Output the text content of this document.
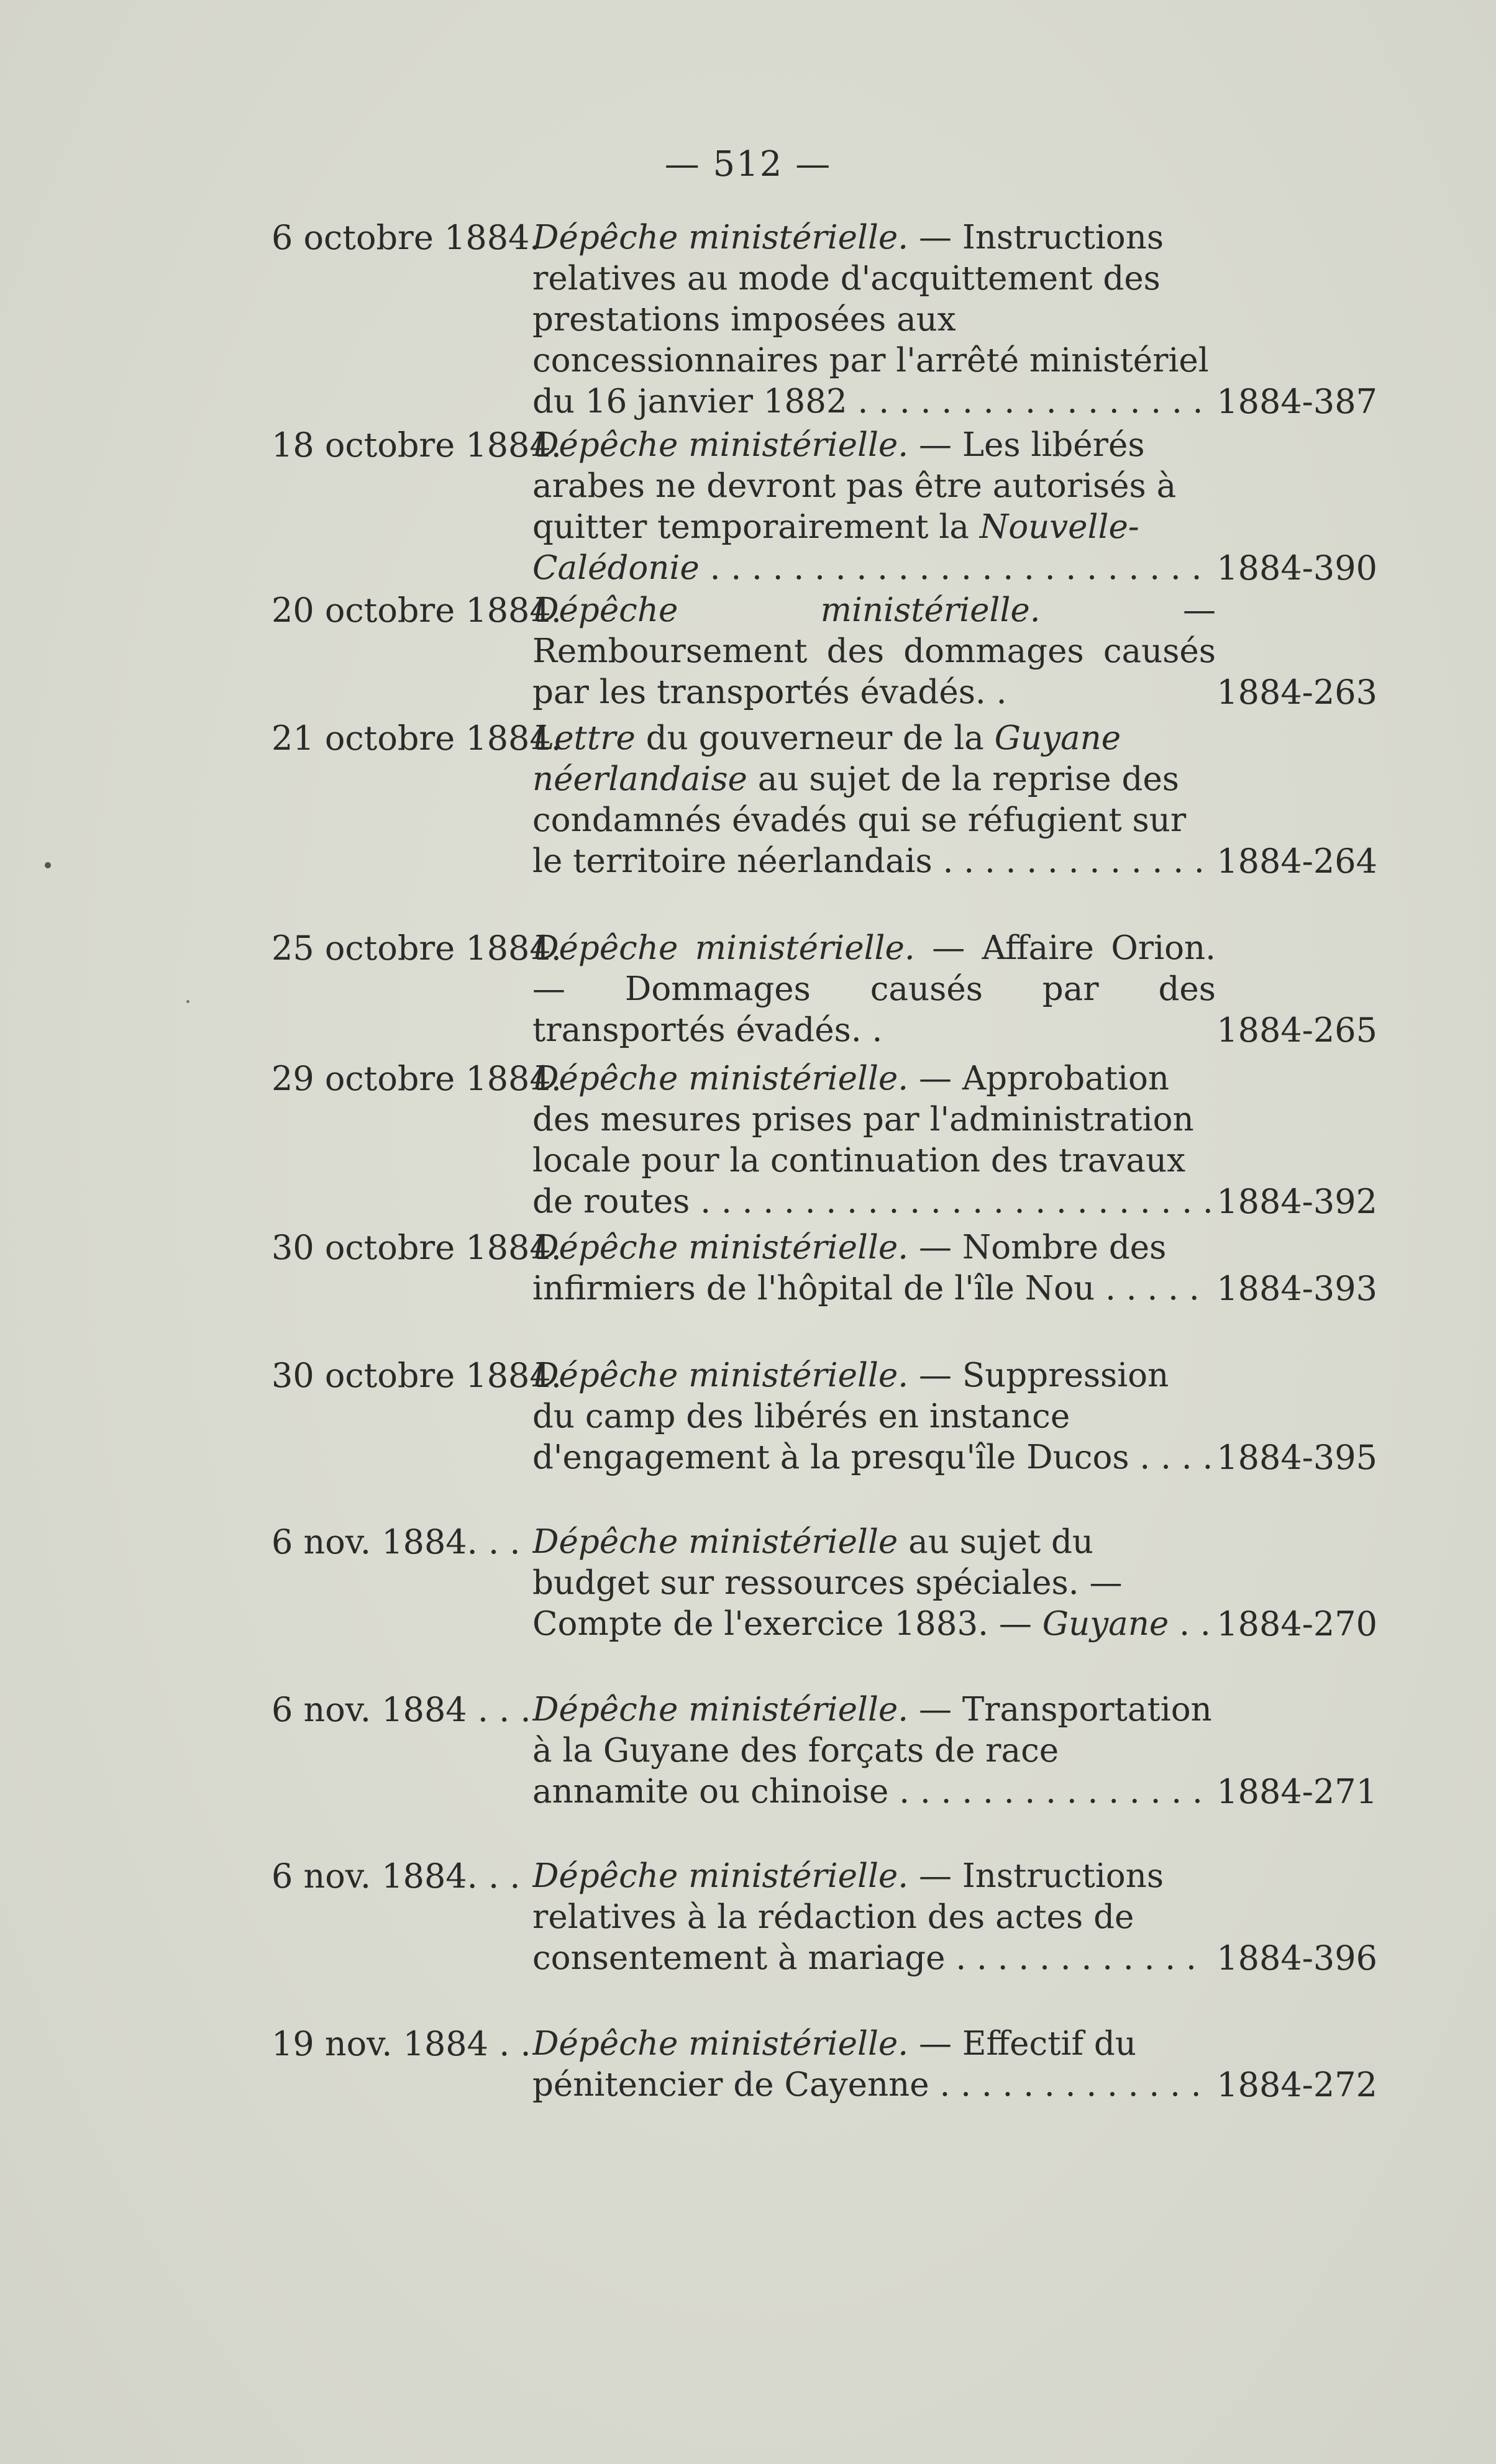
— 512 —
6 octobre 1884.
Dépêche ministérielle. — Instructions relatives au mode d'acquittement des prestations imposées aux concessionnaires par l'arrêté ministériel du 16 janvier 1882 . . .	1884-387
18 octobre 1884.
Dépêche ministérielle. — Les libérés arabes ne devront pas être autorisés à quitter temporairement la Nouvelle-Calédonie . . .	1884-390
20 octobre 1884.
Dépêche ministérielle.	— Remboursement des dommages causés par les transportés évadés. .	1884-263
21 octobre 1884.
Lettre du gouverneur de la Guyane néerlandaise au sujet de la reprise des condamnés évadés qui se réfugient sur le territoire néerlandais . . .	1884-264
25 octobre 1884.
Dépêche ministérielle. — Affaire Orion. — Dommages causés par des transportés évadés. .	1884-265
29 octobre 1884.
Dépêche ministérielle. — Approbation des mesures prises par l'administration locale pour la continuation des travaux de routes . . .	1884-392
30 octobre 1884.
Dépêche ministérielle. — Nombre des infirmiers de l'hôpital de l'île Nou . . .	1884-393
30 octobre 1884.
Dépêche ministérielle. — Suppression du camp des libérés en instance d'engagement à la presqu'île Ducos . . .	1884-395
6 nov. 1884. . . Dépêche ministérielle au sujet du budget sur ressources spéciales. — Compte de l'exercice 1883. — Guyane . . .	1884-270
6 nov. 1884 . . . Dépêche ministérielle. — Transportation à la Guyane des forçats de race annamite ou chinoise . . .	1884-271
6 nov. 1884. . . Dépêche ministérielle. — Instructions relatives à la rédaction des actes de consentement à mariage . . .	1884-396
19 nov. 1884 . . Dépêche ministérielle. — Effectif du pénitencier de Cayenne . . .	1884-272
